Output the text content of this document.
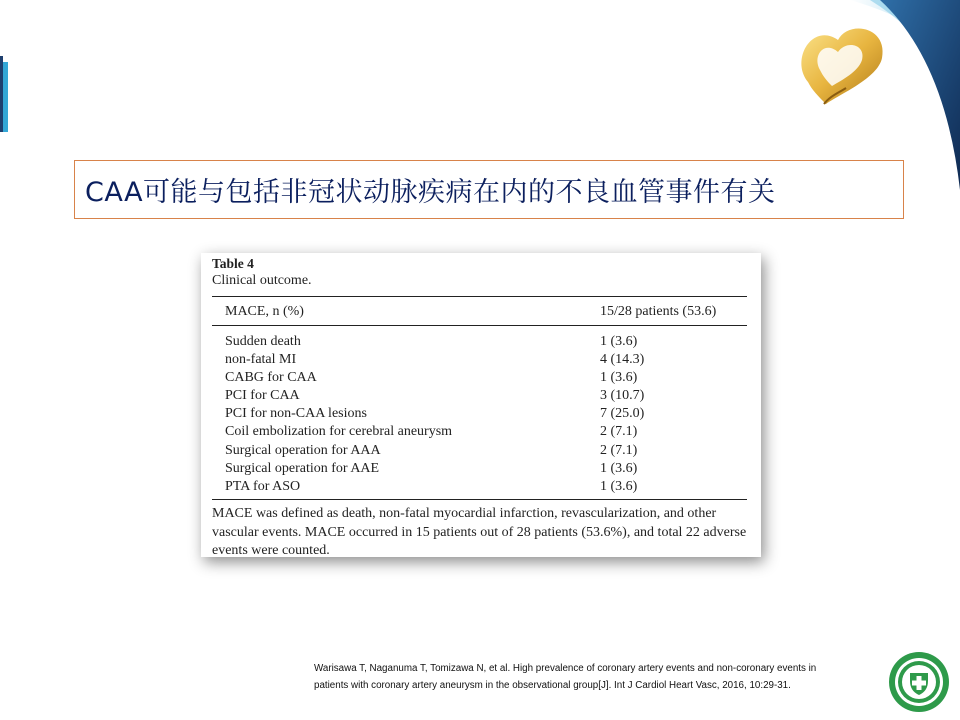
CAA可能与包括非冠状动脉疾病在内的不良血管事件有关
Table 4
Clinical outcome.
MACE, n (%)	15/28 patients (53.6)
Sudden death	1 (3.6)
non-fatal MI	4 (14.3)
CABG for CAA	1 (3.6)
PCI for CAA	3 (10.7)
PCI for non-CAA lesions	7 (25.0)
Coil embolization for cerebral aneurysm	2 (7.1)
Surgical operation for AAA	2 (7.1)
Surgical operation for AAE	1 (3.6)
PTA for ASO	1 (3.6)
MACE was defined as death, non-fatal myocardial infarction, revascularization, and other vascular events. MACE occurred in 15 patients out of 28 patients (53.6%), and total 22 adverse events were counted.
Warisawa T, Naganuma T, Tomizawa N, et al. High prevalence of coronary artery events and non-coronary events in
patients with coronary artery aneurysm in the observational group[J]. Int J Cardiol Heart Vasc, 2016, 10:29-31.
